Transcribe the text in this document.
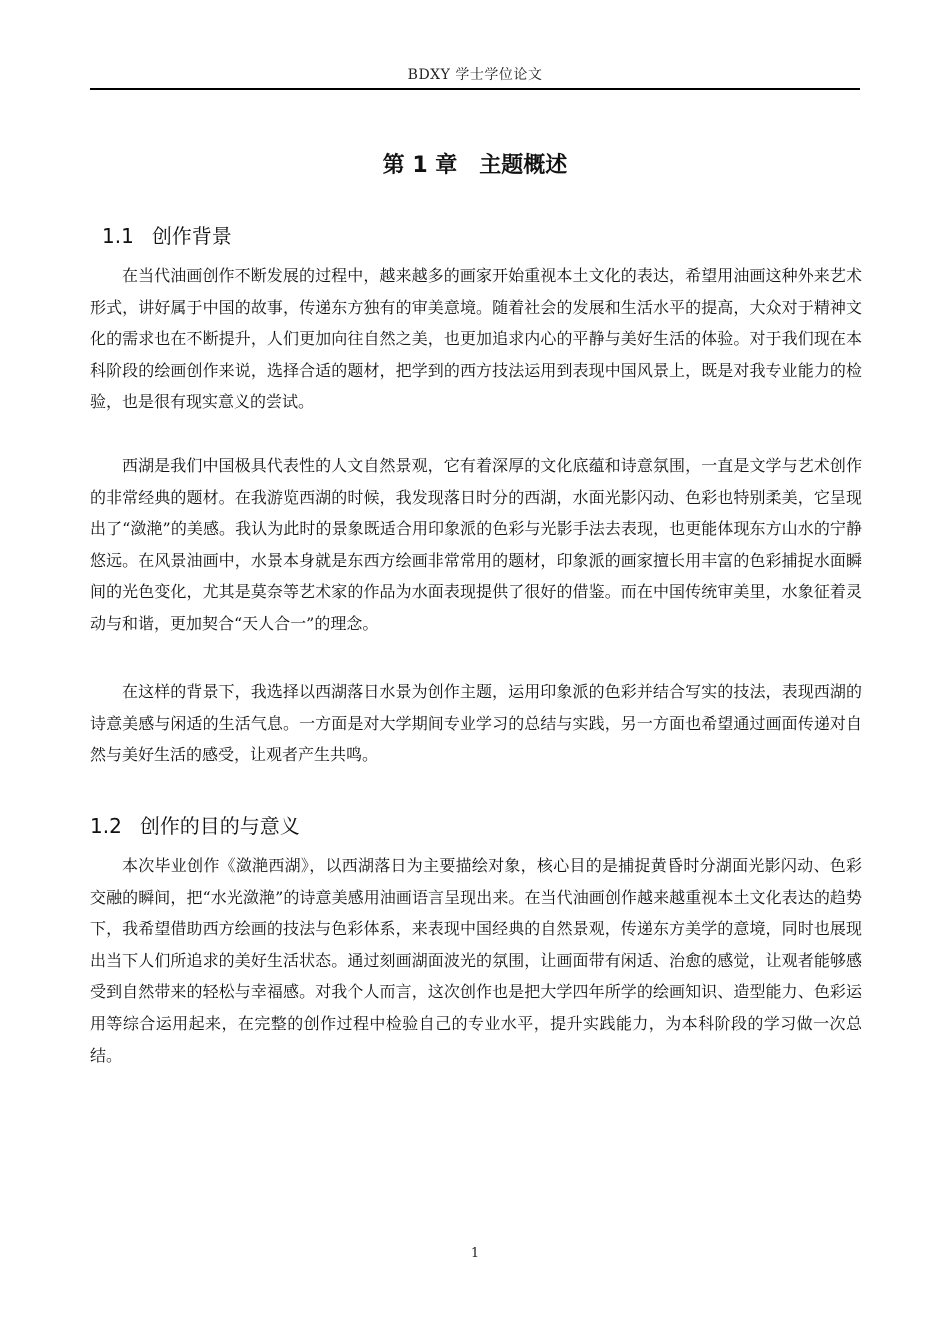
BDXY 学士学位论文
第 1 章　主题概述
1.1 创作背景

在当代油画创作不断发展的过程中，越来越多的画家开始重视本土文化的表达，希望用油画这种外来艺术形式，讲好属于中国的故事，传递东方独有的审美意境。随着社会的发展和生活水平的提高，大众对于精神文化的需求也在不断提升，人们更加向往自然之美，也更加追求内心的平静与美好生活的体验。对于我们现在本科阶段的绘画创作来说，选择合适的题材，把学到的西方技法运用到表现中国风景上，既是对我专业能力的检验，也是很有现实意义的尝试。

西湖是我们中国极具代表性的人文自然景观，它有着深厚的文化底蕴和诗意氛围，一直是文学与艺术创作的非常经典的题材。在我游览西湖的时候，我发现落日时分的西湖，水面光影闪动、色彩也特别柔美，它呈现出了“潋滟”的美感。我认为此时的景象既适合用印象派的色彩与光影手法去表现，也更能体现东方山水的宁静悠远。在风景油画中，水景本身就是东西方绘画非常常用的题材，印象派的画家擅长用丰富的色彩捕捉水面瞬间的光色变化，尤其是莫奈等艺术家的作品为水面表现提供了很好的借鉴。而在中国传统审美里，水象征着灵动与和谐，更加契合“天人合一”的理念。

在这样的背景下，我选择以西湖落日水景为创作主题，运用印象派的色彩并结合写实的技法，表现西湖的诗意美感与闲适的生活气息。一方面是对大学期间专业学习的总结与实践，另一方面也希望通过画面传递对自然与美好生活的感受，让观者产生共鸣。

1.2 创作的目的与意义

本次毕业创作《潋滟西湖》，以西湖落日为主要描绘对象，核心目的是捕捉黄昏时分湖面光影闪动、色彩交融的瞬间，把“水光潋滟”的诗意美感用油画语言呈现出来。在当代油画创作越来越重视本土文化表达的趋势下，我希望借助西方绘画的技法与色彩体系，来表现中国经典的自然景观，传递东方美学的意境，同时也展现出当下人们所追求的美好生活状态。通过刻画湖面波光的氛围，让画面带有闲适、治愈的感觉，让观者能够感受到自然带来的轻松与幸福感。对我个人而言，这次创作也是把大学四年所学的绘画知识、造型能力、色彩运用等综合运用起来，在完整的创作过程中检验自己的专业水平，提升实践能力，为本科阶段的学习做一次总结。

1
